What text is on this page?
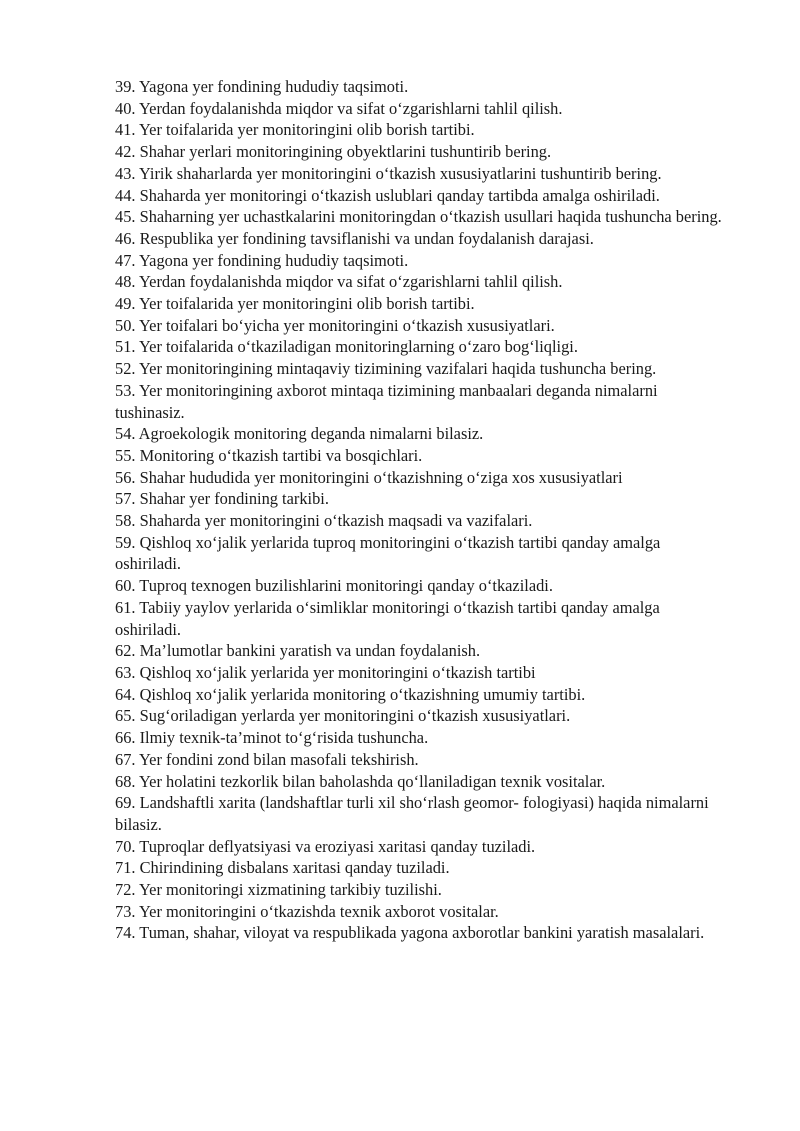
39. Yagona yer fondining hududiy taqsimoti.
40. Yerdan foydalanishda miqdor va sifat o‘zgarishlarni tahlil qilish.
41. Yer toifalarida yer monitoringini olib borish tartibi.
42. Shahar yerlari monitoringining obyektlarini tushuntirib bering.
43. Yirik shaharlarda yer monitoringini o‘tkazish xususiyatlarini tushuntirib bering.
44. Shaharda yer monitoringi o‘tkazish uslublari qanday tartibda amalga oshiriladi.
45. Shaharning yer uchastkalarini monitoringdan o‘tkazish usullari haqida tushuncha bering.
46. Respublika yer fondining tavsiflanishi va undan foydalanish darajasi.
47. Yagona yer fondining hududiy taqsimoti.
48. Yerdan foydalanishda miqdor va sifat o‘zgarishlarni tahlil qilish.
49. Yer toifalarida yer monitoringini olib borish tartibi.
50. Yer toifalari bo‘yicha yer monitoringini o‘tkazish xususiyatlari.
51. Yer toifalarida o‘tkaziladigan monitoringlarning o‘zaro bog‘liqligi.
52. Yer monitoringining mintaqaviy tizimining vazifalari haqida tushuncha bering.
53. Yer monitoringining axborot mintaqa tizimining manbaalari deganda nimalarni tushinasiz.
54. Agroekologik monitoring deganda nimalarni bilasiz.
55. Monitoring o‘tkazish tartibi va bosqichlari.
56. Shahar hududida yer monitoringini o‘tkazishning o‘ziga xos xususiyatlari
57. Shahar yer fondining tarkibi.
58. Shaharda yer monitoringini o‘tkazish maqsadi va vazifalari.
59. Qishloq xo‘jalik yerlarida tuproq monitoringini o‘tkazish tartibi qanday amalga oshiriladi.
60. Tuproq texnogen buzilishlarini monitoringi qanday o‘tkaziladi.
61. Tabiiy yaylov yerlarida o‘simliklar monitoringi o‘tkazish tartibi qanday amalga oshiriladi.
62. Ma’lumotlar bankini yaratish va undan foydalanish.
63. Qishloq xo‘jalik yerlarida yer monitoringini o‘tkazish tartibi
64. Qishloq xo‘jalik yerlarida monitoring o‘tkazishning umumiy tartibi.
65. Sug‘oriladigan yerlarda yer monitoringini o‘tkazish xususiyatlari.
66. Ilmiy texnik-ta’minot to‘g‘risida tushuncha.
67. Yer fondini zond bilan masofali tekshirish.
68. Yer holatini tezkorlik bilan baholashda qo‘llaniladigan texnik vositalar.
69. Landshaftli xarita (landshaftlar turli xil sho‘rlash geomor- fologiyasi) haqida nimalarni bilasiz.
70. Tuproqlar deflyatsiyasi va eroziyasi xaritasi qanday tuziladi.
71. Chirindining disbalans xaritasi qanday tuziladi.
72. Yer monitoringi xizmatining tarkibiy tuzilishi.
73. Yer monitoringini o‘tkazishda texnik axborot vositalar.
74. Tuman, shahar, viloyat va respublikada yagona axborotlar bankini yaratish masalalari.
